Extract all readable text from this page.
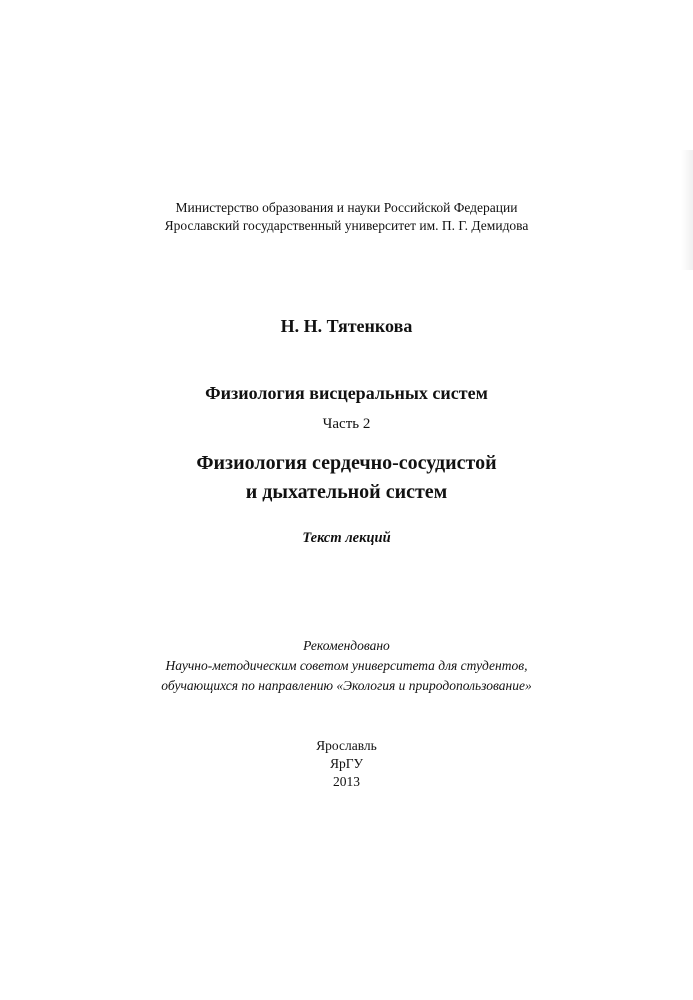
Министерство образования и науки Российской Федерации
Ярославский государственный университет им. П. Г. Демидова
Н. Н. Тятенкова
Физиология висцеральных систем
Часть 2
Физиология сердечно-сосудистой
и дыхательной систем
Текст лекций
Рекомендовано
Научно-методическим советом университета для студентов,
обучающихся по направлению «Экология и природопользование»
Ярославль
ЯрГУ
2013
